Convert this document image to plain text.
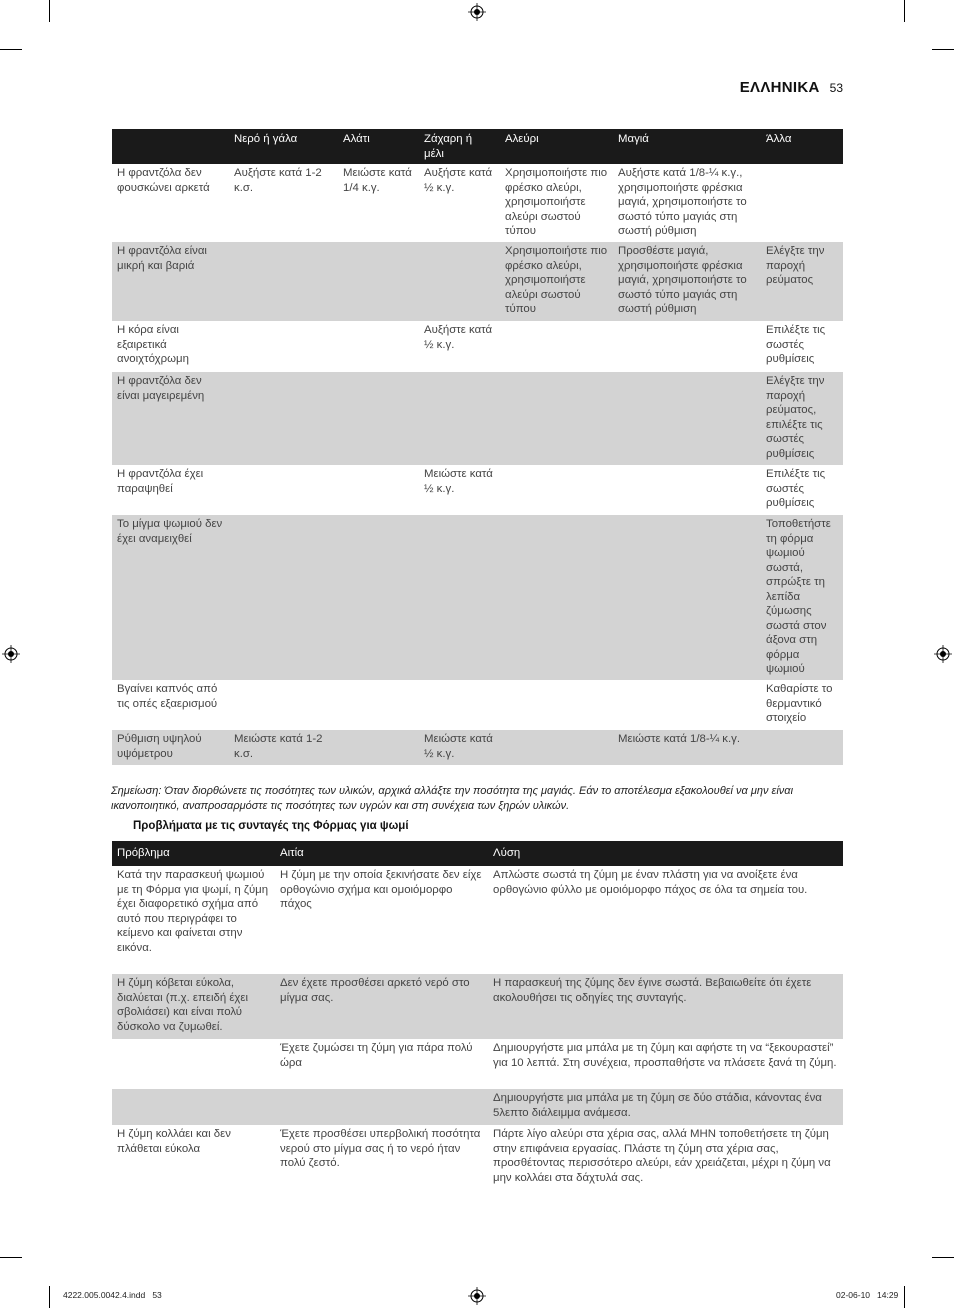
ΕΛΛΗΝΙΚΑ 53
	Νερό ή γάλα	Αλάτι	Ζάχαρη ή μέλι	Αλεύρι	Μαγιά	Άλλα
Η φραντζόλα δεν φουσκώνει αρκετά	Αυξήστε κατά 1-2 κ.σ.	Μειώστε κατά 1/4 κ.γ.	Αυξήστε κατά ½ κ.γ.	Χρησιμοποιήστε πιο φρέσκο αλεύρι, χρησιμοποιήστε αλεύρι σωστού τύπου	Αυξήστε κατά 1/8-¼ κ.γ., χρησιμοποιήστε φρέσκια μαγιά, χρησιμοποιήστε το σωστό τύπο μαγιάς στη σωστή ρύθμιση	
Η φραντζόλα είναι μικρή και βαριά				Χρησιμοποιήστε πιο φρέσκο αλεύρι, χρησιμοποιήστε αλεύρι σωστού τύπου	Προσθέστε μαγιά, χρησιμοποιήστε φρέσκια μαγιά, χρησιμοποιήστε το σωστό τύπο μαγιάς στη σωστή ρύθμιση	Ελέγξτε την παροχή ρεύματος
Η κόρα είναι εξαιρετικά ανοιχτόχρωμη			Αυξήστε κατά ½ κ.γ.			Επιλέξτε τις σωστές ρυθμίσεις
Η φραντζόλα δεν είναι μαγειρεμένη						Ελέγξτε την παροχή ρεύματος, επιλέξτε τις σωστές ρυθμίσεις
Η φραντζόλα έχει παραψηθεί			Μειώστε κατά ½ κ.γ.			Επιλέξτε τις σωστές ρυθμίσεις
Το μίγμα ψωμιού δεν έχει αναμειχθεί						Τοποθετήστε τη φόρμα ψωμιού σωστά, σπρώξτε τη λεπίδα ζύμωσης σωστά στον άξονα στη φόρμα ψωμιού
Βγαίνει καπνός από τις οπές εξαερισμού						Καθαρίστε το θερμαντικό στοιχείο
Ρύθμιση υψηλού υψόμετρου	Μειώστε κατά 1-2 κ.σ.		Μειώστε κατά ½ κ.γ.		Μειώστε κατά 1/8-¼ κ.γ.	
Σημείωση: Όταν διορθώνετε τις ποσότητες των υλικών, αρχικά αλλάξτε την ποσότητα της μαγιάς. Εάν το αποτέλεσμα εξακολουθεί να μην είναι ικανοποιητικό, αναπροσαρμόστε τις ποσότητες των υγρών και στη συνέχεια των ξηρών υλικών.
Προβλήματα με τις συνταγές της Φόρμας για ψωμί
Πρόβλημα	Αιτία	Λύση
Κατά την παρασκευή ψωμιού με τη Φόρμα για ψωμί, η ζύμη έχει διαφορετικό σχήμα από αυτό που περιγράφει το κείμενο και φαίνεται στην εικόνα.	Η ζύμη με την οποία ξεκινήσατε δεν είχε ορθογώνιο σχήμα και ομοιόμορφο πάχος	Απλώστε σωστά τη ζύμη με έναν πλάστη για να ανοίξετε ένα ορθογώνιο φύλλο με ομοιόμορφο πάχος σε όλα τα σημεία του.
Η ζύμη κόβεται εύκολα, διαλύεται (π.χ. επειδή έχει σβολιάσει) και είναι πολύ δύσκολο να ζυμωθεί.	Δεν έχετε προσθέσει αρκετό νερό στο μίγμα σας.	Η παρασκευή της ζύμης δεν έγινε σωστά. Βεβαιωθείτε ότι έχετε ακολουθήσει τις οδηγίες της συνταγής.
	Έχετε ζυμώσει τη ζύμη για πάρα πολύ ώρα	Δημιουργήστε μια μπάλα με τη ζύμη και αφήστε τη να “ξεκουραστεί” για 10 λεπτά. Στη συνέχεια, προσπαθήστε να πλάσετε ξανά τη ζύμη.
		Δημιουργήστε μια μπάλα με τη ζύμη σε δύο στάδια, κάνοντας ένα 5λεπτο διάλειμμα ανάμεσα.
Η ζύμη κολλάει και δεν πλάθεται εύκολα	Έχετε προσθέσει υπερβολική ποσότητα νερού στο μίγμα σας ή το νερό ήταν πολύ ζεστό.	Πάρτε λίγο αλεύρι στα χέρια σας, αλλά ΜΗΝ τοποθετήσετε τη ζύμη στην επιφάνεια εργασίας. Πλάστε τη ζύμη στα χέρια σας, προσθέτοντας περισσότερο αλεύρι, εάν χρειάζεται, μέχρι η ζύμη να μην κολλάει στα δάχτυλά σας.
4222.005.0042.4.indd   53	02-06-10 14:29
